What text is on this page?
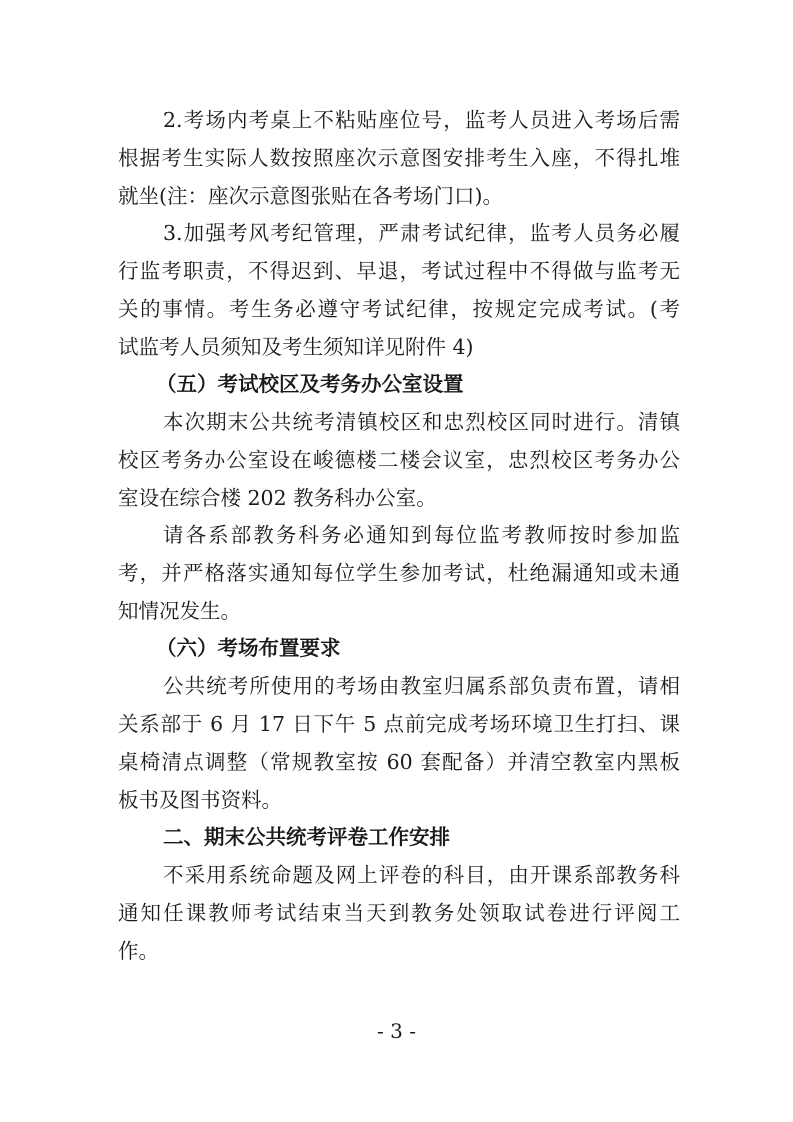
2.考场内考桌上不粘贴座位号，监考人员进入考场后需
根据考生实际人数按照座次示意图安排考生入座，不得扎堆
就坐(注：座次示意图张贴在各考场门口)。
3.加强考风考纪管理，严肃考试纪律，监考人员务必履
行监考职责，不得迟到、早退，考试过程中不得做与监考无
关的事情。考生务必遵守考试纪律，按规定完成考试。(考
试监考人员须知及考生须知详见附件 4)
（五）考试校区及考务办公室设置
本次期末公共统考清镇校区和忠烈校区同时进行。清镇
校区考务办公室设在峻德楼二楼会议室，忠烈校区考务办公
室设在综合楼 202 教务科办公室。
请各系部教务科务必通知到每位监考教师按时参加监
考，并严格落实通知每位学生参加考试，杜绝漏通知或未通
知情况发生。
（六）考场布置要求
公共统考所使用的考场由教室归属系部负责布置，请相
关系部于 6 月 17 日下午 5 点前完成考场环境卫生打扫、课
桌椅清点调整（常规教室按 60 套配备）并清空教室内黑板
板书及图书资料。
二、期末公共统考评卷工作安排
不采用系统命题及网上评卷的科目，由开课系部教务科
通知任课教师考试结束当天到教务处领取试卷进行评阅工
作。
- 3 -
